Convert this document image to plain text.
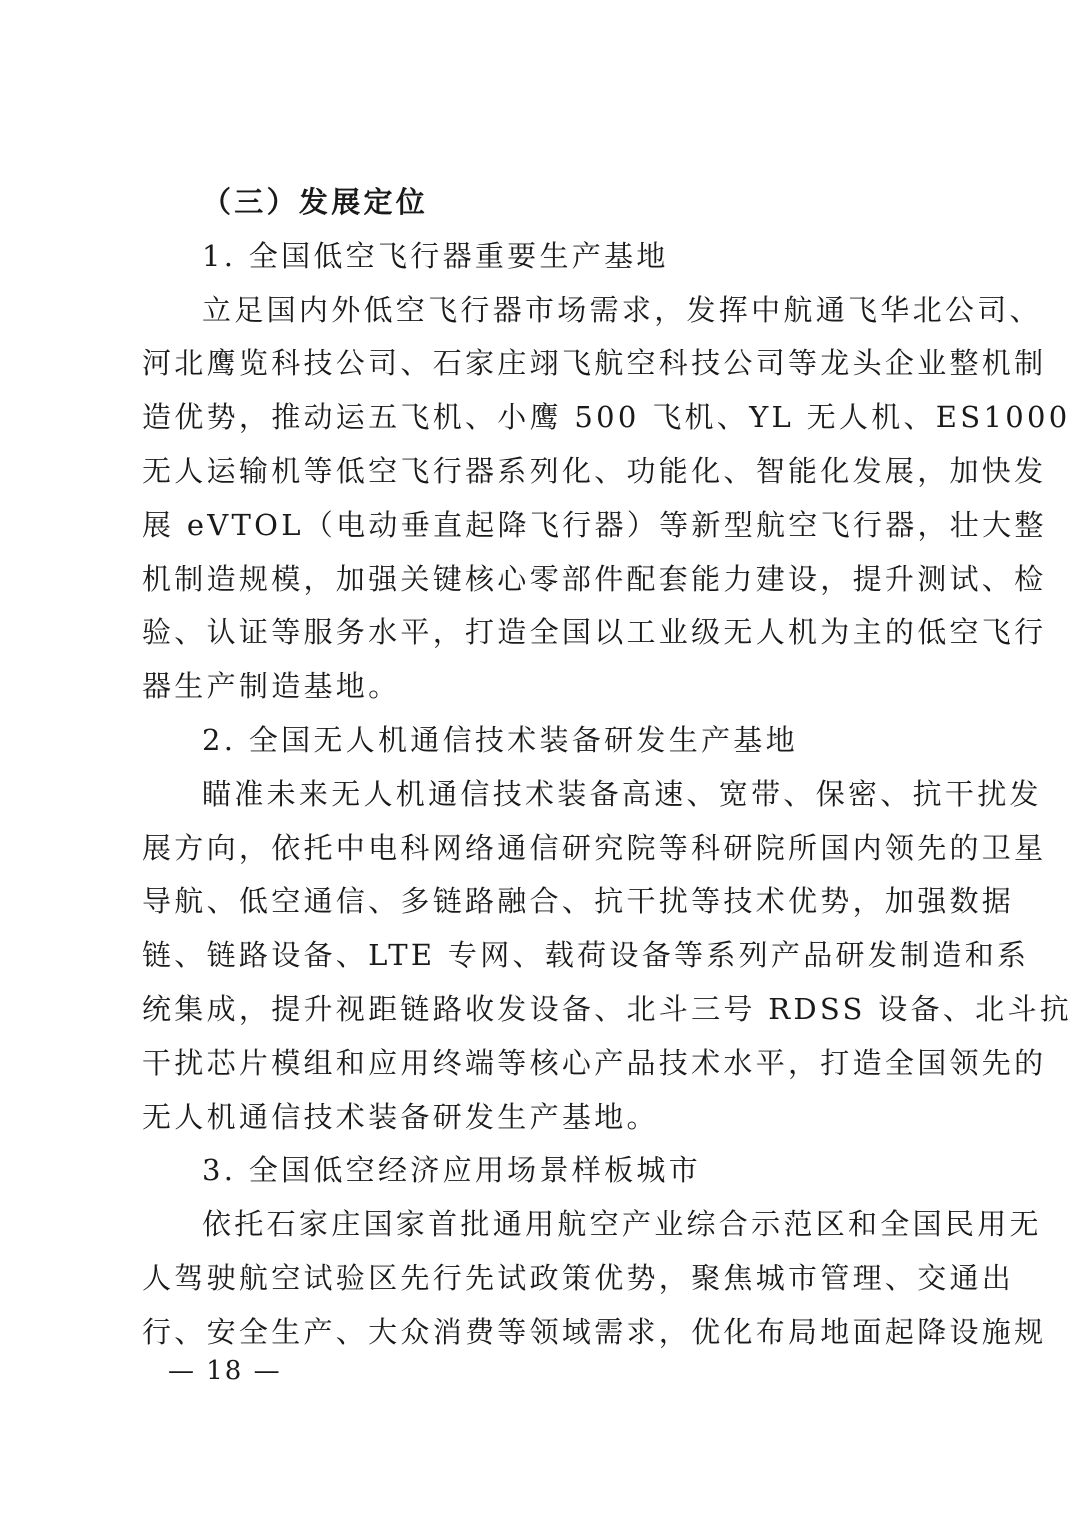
（三）发展定位
1. 全国低空飞行器重要生产基地
立足国内外低空飞行器市场需求，发挥中航通飞华北公司、
河北鹰览科技公司、石家庄翊飞航空科技公司等龙头企业整机制
造优势，推动运五飞机、小鹰 500 飞机、YL 无人机、ES1000
无人运输机等低空飞行器系列化、功能化、智能化发展，加快发
展 eVTOL（电动垂直起降飞行器）等新型航空飞行器，壮大整
机制造规模，加强关键核心零部件配套能力建设，提升测试、检
验、认证等服务水平，打造全国以工业级无人机为主的低空飞行
器生产制造基地。
2. 全国无人机通信技术装备研发生产基地
瞄准未来无人机通信技术装备高速、宽带、保密、抗干扰发
展方向，依托中电科网络通信研究院等科研院所国内领先的卫星
导航、低空通信、多链路融合、抗干扰等技术优势，加强数据
链、链路设备、LTE 专网、载荷设备等系列产品研发制造和系
统集成，提升视距链路收发设备、北斗三号 RDSS 设备、北斗抗
干扰芯片模组和应用终端等核心产品技术水平，打造全国领先的
无人机通信技术装备研发生产基地。
3. 全国低空经济应用场景样板城市
依托石家庄国家首批通用航空产业综合示范区和全国民用无
人驾驶航空试验区先行先试政策优势，聚焦城市管理、交通出
行、安全生产、大众消费等领域需求，优化布局地面起降设施规
— 18 —
